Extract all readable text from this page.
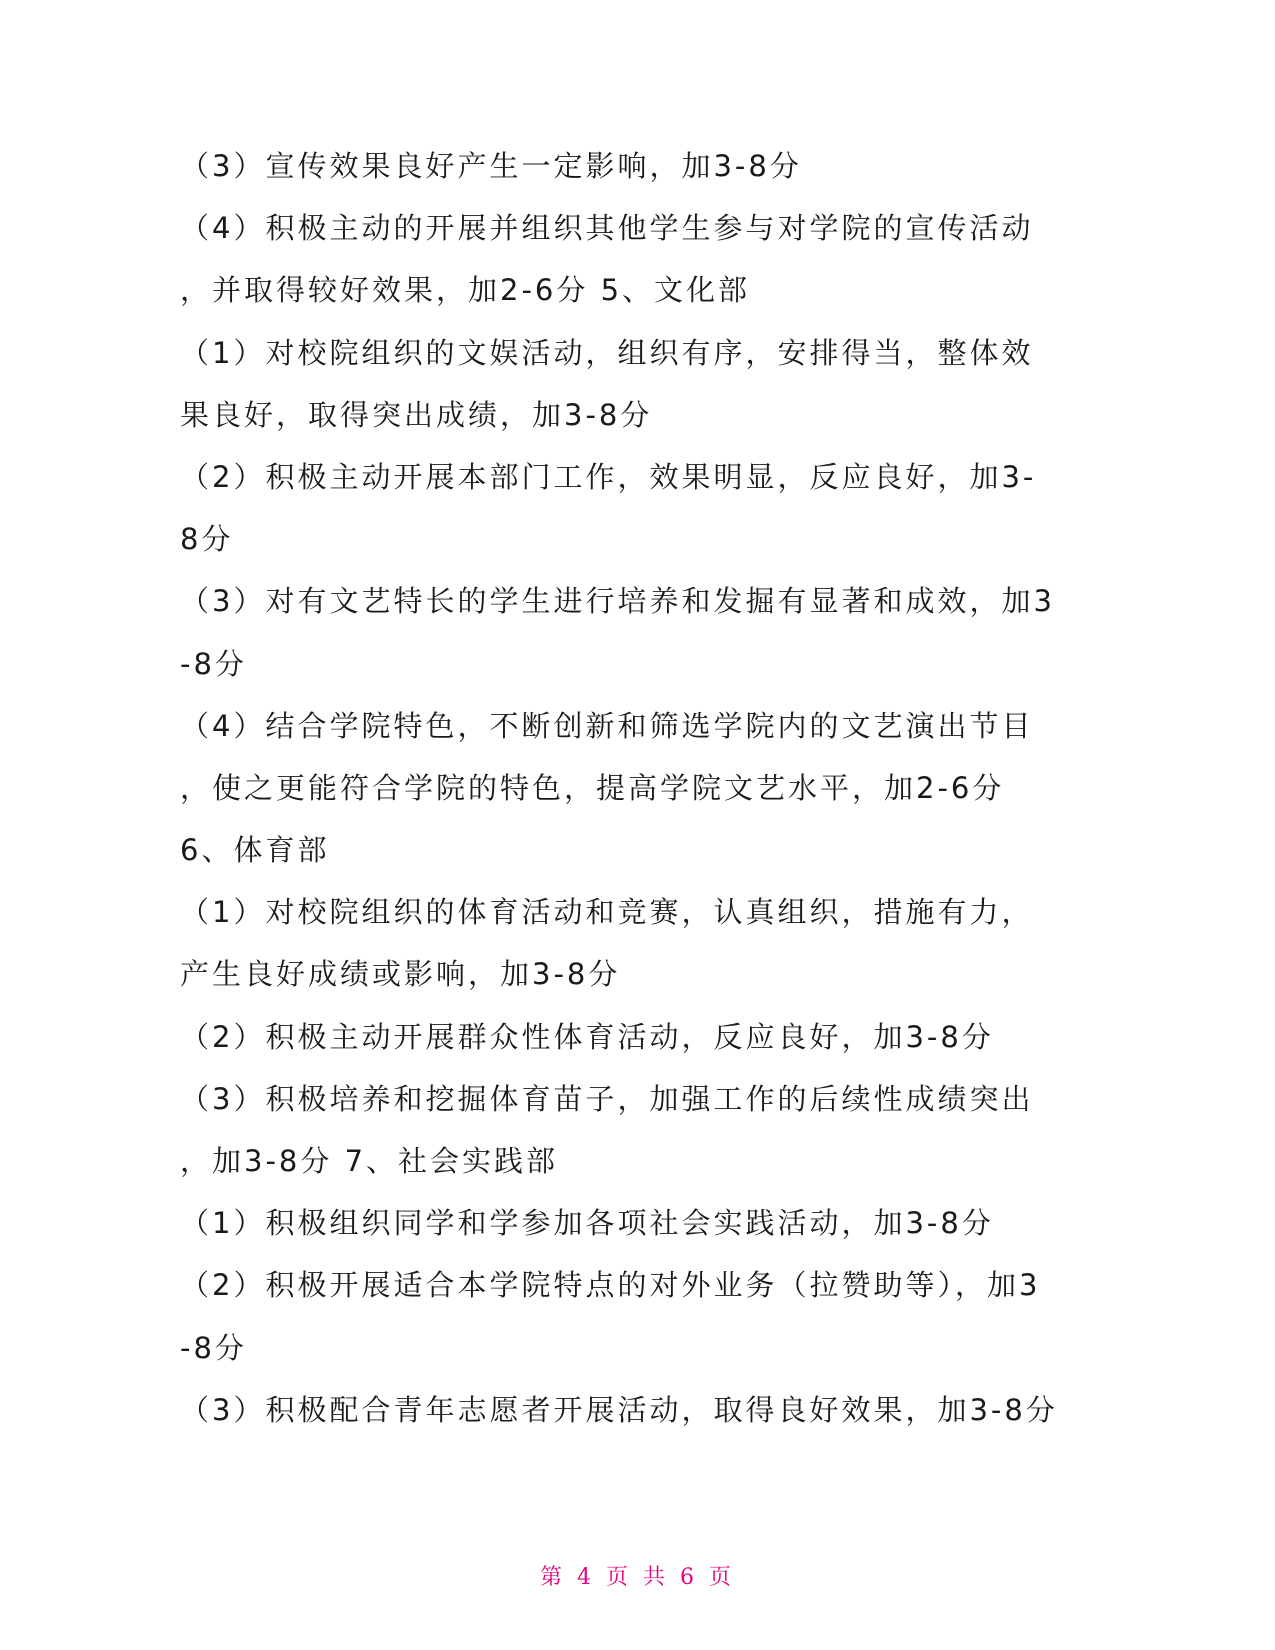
（3）宣传效果良好产生一定影响，加3-8分
（4）积极主动的开展并组织其他学生参与对学院的宣传活动
，并取得较好效果，加2-6分 5、文化部
（1）对校院组织的文娱活动，组织有序，安排得当，整体效
果良好，取得突出成绩，加3-8分
（2）积极主动开展本部门工作，效果明显，反应良好，加3-
8分
（3）对有文艺特长的学生进行培养和发掘有显著和成效，加3
-8分
（4）结合学院特色，不断创新和筛选学院内的文艺演出节目
，使之更能符合学院的特色，提高学院文艺水平，加2-6分
6、体育部
（1）对校院组织的体育活动和竞赛，认真组织，措施有力，
产生良好成绩或影响，加3-8分
（2）积极主动开展群众性体育活动，反应良好，加3-8分
（3）积极培养和挖掘体育苗子，加强工作的后续性成绩突出
，加3-8分 7、社会实践部
（1）积极组织同学和学参加各项社会实践活动，加3-8分
（2）积极开展适合本学院特点的对外业务（拉赞助等），加3
-8分
（3）积极配合青年志愿者开展活动，取得良好效果，加3-8分
第 4 页 共 6 页
